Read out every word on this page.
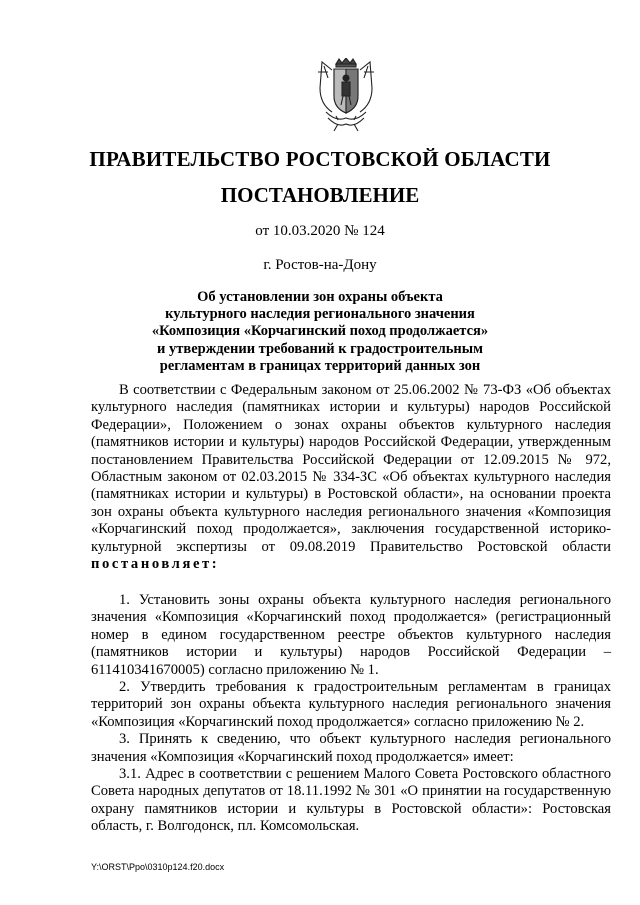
ПРАВИТЕЛЬСТВО РОСТОВСКОЙ ОБЛАСТИ
ПОСТАНОВЛЕНИЕ
от 10.03.2020 № 124
г. Ростов-на-Дону
Об установлении зон охраны объекта
культурного наследия регионального значения
«Композиция «Корчагинский поход продолжается»
и утверждении требований к градостроительным
регламентам в границах территорий данных зон

В соответствии с Федеральным законом от 25.06.2002 № 73-ФЗ «Об объектах культурного наследия (памятниках истории и культуры) народов Российской Федерации», Положением о зонах охраны объектов культурного наследия (памятников истории и культуры) народов Российской Федерации, утвержденным постановлением Правительства Российской Федерации от 12.09.2015 № 972, Областным законом от 02.03.2015 № 334-ЗС «Об объектах культурного наследия (памятниках истории и культуры) в Ростовской области», на основании проекта зон охраны объекта культурного наследия регионального значения «Композиция «Корчагинский поход продолжается», заключения государственной историко-культурной экспертизы от 09.08.2019 Правительство Ростовской области постановляет:

1. Установить зоны охраны объекта культурного наследия регионального значения «Композиция «Корчагинский поход продолжается» (регистрационный номер в едином государственном реестре объектов культурного наследия (памятников истории и культуры) народов Российской Федерации – 611410341670005) согласно приложению № 1.

2. Утвердить требования к градостроительным регламентам в границах территорий зон охраны объекта культурного наследия регионального значения «Композиция «Корчагинский поход продолжается» согласно приложению № 2.

3. Принять к сведению, что объект культурного наследия регионального значения «Композиция «Корчагинский поход продолжается» имеет:

3.1. Адрес в соответствии с решением Малого Совета Ростовского областного Совета народных депутатов от 18.11.1992 № 301 «О принятии на государственную охрану памятников истории и культуры в Ростовской области»: Ростовская область, г. Волгодонск, пл. Комсомольская.

Y:\ORST\Ppo\0310p124.f20.docx
